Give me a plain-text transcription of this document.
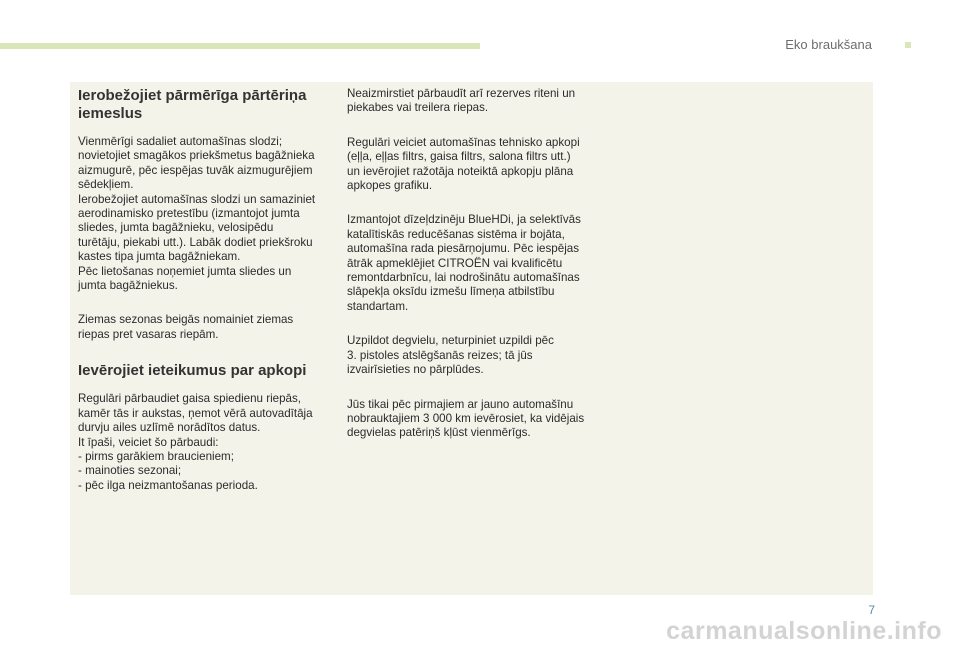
Eko braukšana
Ierobežojiet pārmērīga pārtēriņa iemeslus

Vienmērīgi sadaliet automašīnas slodzi;
novietojiet smagākos priekšmetus bagāžnieka
aizmugurē, pēc iespējas tuvāk aizmugurējiem
sēdekļiem.
Ierobežojiet automašīnas slodzi un samaziniet
aerodinamisko pretestību (izmantojot jumta
sliedes, jumta bagāžnieku, velosipēdu
turētāju, piekabi utt.). Labāk dodiet priekšroku
kastes tipa jumta bagāžniekam.
Pēc lietošanas noņemiet jumta sliedes un
jumta bagāžniekus.

Ziemas sezonas beigās nomainiet ziemas
riepas pret vasaras riepām.

Ievērojiet ieteikumus par apkopi

Regulāri pārbaudiet gaisa spiedienu riepās,
kamēr tās ir aukstas, ņemot vērā autovadītāja
durvju ailes uzlīmē norādītos datus.
It īpaši, veiciet šo pārbaudi:
- pirms garākiem braucieniem;
- mainoties sezonai;
- pēc ilga neizmantošanas perioda.

Neaizmirstiet pārbaudīt arī rezerves riteni un
piekabes vai treilera riepas.

Regulāri veiciet automašīnas tehnisko apkopi
(eļļa, eļļas filtrs, gaisa filtrs, salona filtrs utt.)
un ievērojiet ražotāja noteiktā apkopju plāna
apkopes grafiku.

Izmantojot dīzeļdzinēju BlueHDi, ja selektīvās
katalītiskās reducēšanas sistēma ir bojāta,
automašīna rada piesārņojumu. Pēc iespējas
ātrāk apmeklējiet CITROËN vai kvalificētu
remontdarbnīcu, lai nodrošinātu automašīnas
slāpekļa oksīdu izmešu līmeņa atbilstību
standartam.

Uzpildot degvielu, neturpiniet uzpildi pēc
3. pistoles atslēgšanās reizes; tā jūs
izvairīsieties no pārplūdes.

Jūs tikai pēc pirmajiem ar jauno automašīnu
nobrauktajiem 3 000 km ievērosiet, ka vidējais
degvielas patēriņš kļūst vienmērīgs.

7
carmanualsonline.info
